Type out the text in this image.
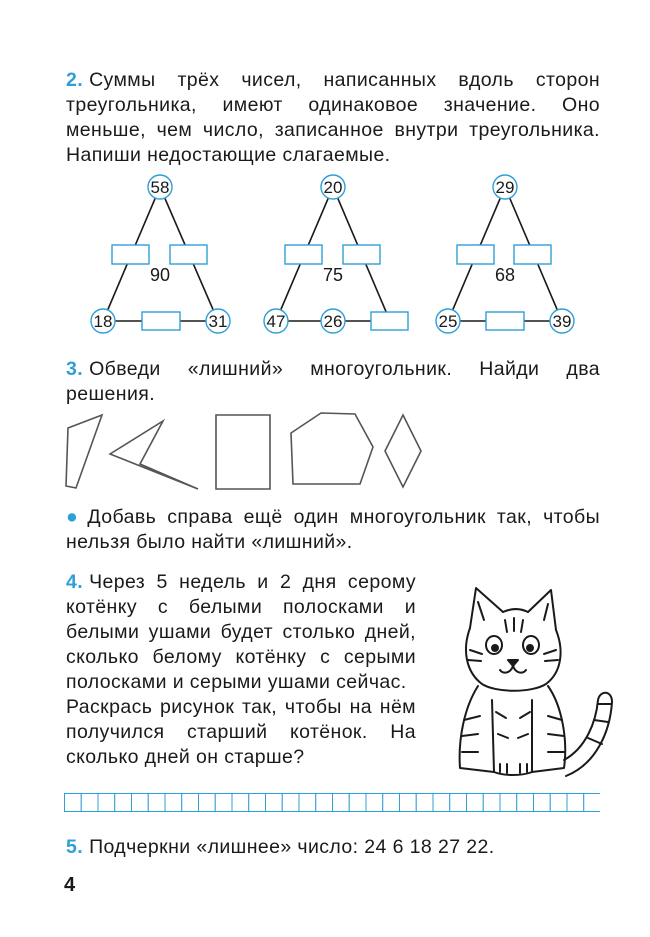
2. Суммы трёх чисел, написанных вдоль сторон треугольника, имеют одинаковое значение. Оно меньше, чем число, записанное внутри треугольника. Напиши недостающие слагаемые.

58
18	31
90
20
47 26
75
29
25	39
68

3. Обведи «лишний» многоугольник. Найди два решения.

● Добавь справа ещё один многоугольник так, чтобы нельзя было найти «лишний».

4. Через 5 недель и 2 дня серому котёнку с белыми полосками и белыми ушами будет столько дней, сколько белому котёнку с серыми полосками и серыми ушами сейчас.

Раскрась рисунок так, чтобы на нём получился старший котёнок. На сколько дней он старше?

5. Подчеркни «лишнее» число: 24 6 18 27 22.

4
